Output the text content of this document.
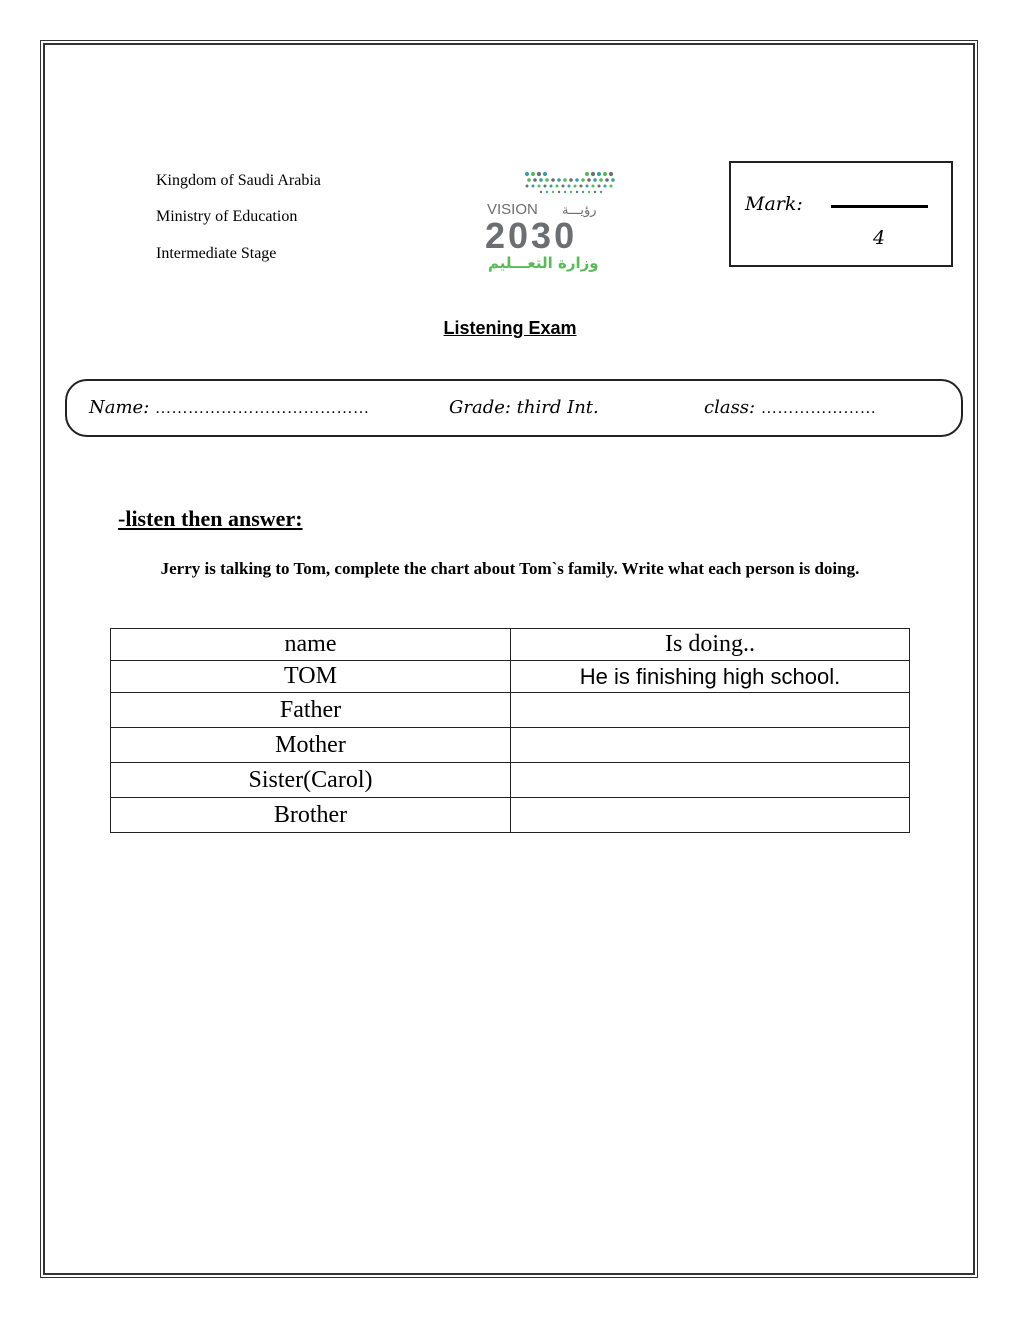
Kingdom of Saudi Arabia
Ministry of Education
Intermediate Stage
VISION رؤيـــة
2030
وزارة التعـــليم
Mark:
4
Listening Exam
Name: …………………………………	Grade: third Int.	class: …………………
-listen then answer:
Jerry is talking to Tom, complete the chart about Tom`s family. Write what each person is doing.
name	Is doing..
TOM	He is finishing high school.
Father	
Mother	
Sister(Carol)	
Brother	
